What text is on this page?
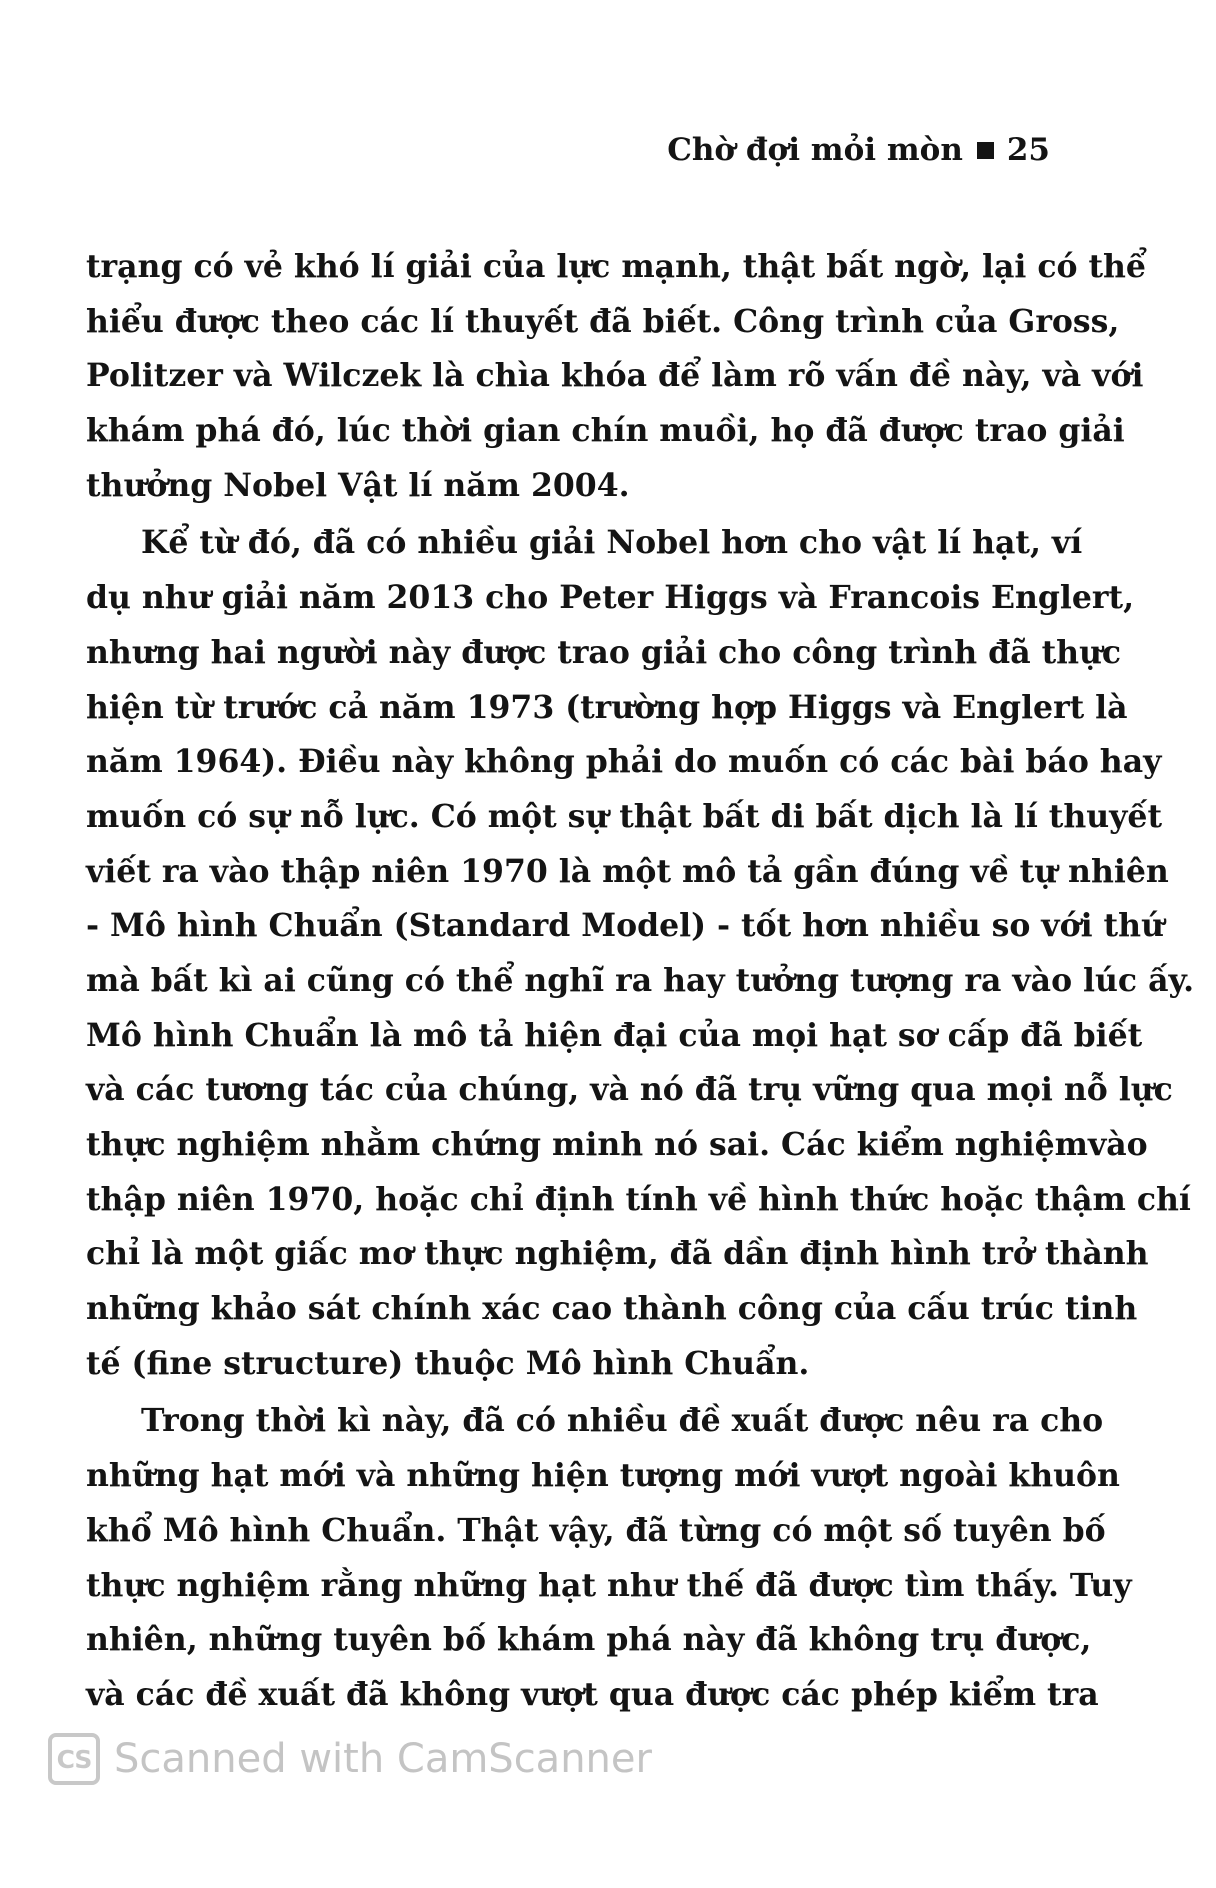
Chờ đợi mỏi mòn 25
trạng có vẻ khó lí giải của lực mạnh, thật bất ngờ, lại có thể
hiểu được theo các lí thuyết đã biết. Công trình của Gross,
Politzer và Wilczek là chìa khóa để làm rõ vấn đề này, và với
khám phá đó, lúc thời gian chín muồi, họ đã được trao giải
thưởng Nobel Vật lí năm 2004.
Kể từ đó, đã có nhiều giải Nobel hơn cho vật lí hạt, ví
dụ như giải năm 2013 cho Peter Higgs và Francois Englert,
nhưng hai người này được trao giải cho công trình đã thực
hiện từ trước cả năm 1973 (trường hợp Higgs và Englert là
năm 1964). Điều này không phải do muốn có các bài báo hay
muốn có sự nỗ lực. Có một sự thật bất di bất dịch là lí thuyết
viết ra vào thập niên 1970 là một mô tả gần đúng về tự nhiên
- Mô hình Chuẩn (Standard Model) - tốt hơn nhiều so với thứ
mà bất kì ai cũng có thể nghĩ ra hay tưởng tượng ra vào lúc ấy.
Mô hình Chuẩn là mô tả hiện đại của mọi hạt sơ cấp đã biết
và các tương tác của chúng, và nó đã trụ vững qua mọi nỗ lực
thực nghiệm nhằm chứng minh nó sai. Các kiểm nghiệmvào
thập niên 1970, hoặc chỉ định tính về hình thức hoặc thậm chí
chỉ là một giấc mơ thực nghiệm, đã dần định hình trở thành
những khảo sát chính xác cao thành công của cấu trúc tinh
tế (fine structure) thuộc Mô hình Chuẩn.
Trong thời kì này, đã có nhiều đề xuất được nêu ra cho
những hạt mới và những hiện tượng mới vượt ngoài khuôn
khổ Mô hình Chuẩn. Thật vậy, đã từng có một số tuyên bố
thực nghiệm rằng những hạt như thế đã được tìm thấy. Tuy
nhiên, những tuyên bố khám phá này đã không trụ được,
và các đề xuất đã không vượt qua được các phép kiểm tra
CS Scanned with CamScanner
